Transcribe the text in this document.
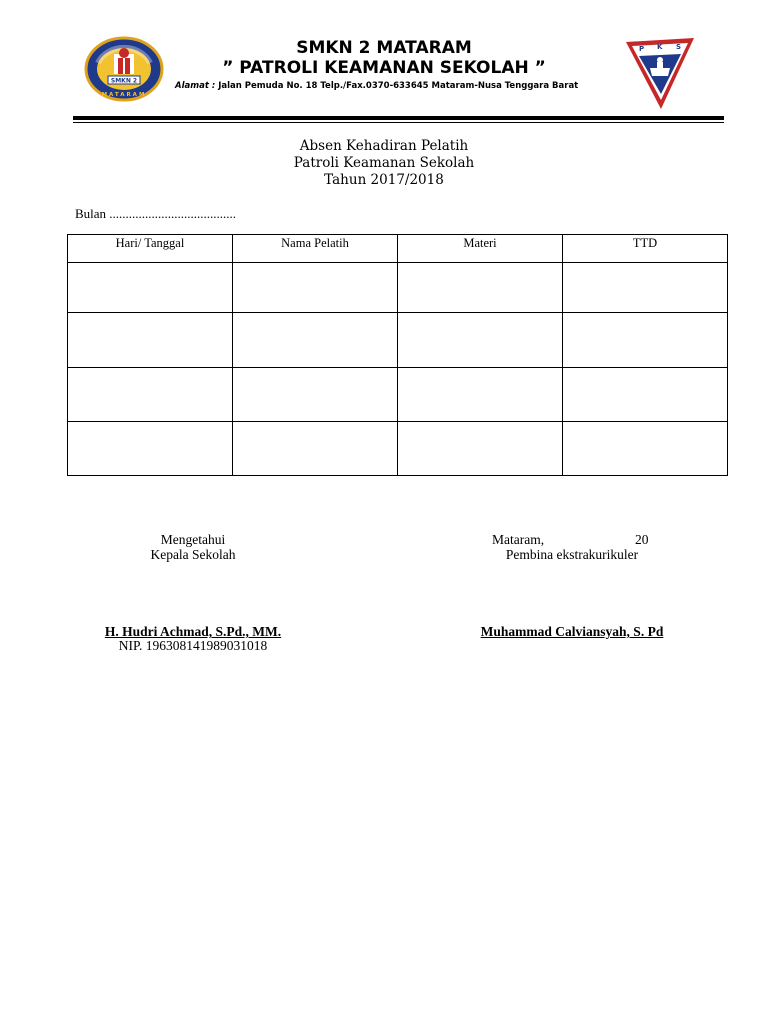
SMKN 2
MATARAM
P K S
SMKN 2 MATARAM
” PATROLI KEAMANAN SEKOLAH ”
Alamat : Jalan Pemuda No. 18 Telp./Fax.0370-633645 Mataram-Nusa Tenggara Barat
Absen Kehadiran Pelatih
Patroli Keamanan Sekolah
Tahun 2017/2018
Bulan .......................................
Hari/ Tanggal	Nama Pelatih	Materi	TTD

Mengetahui
Kepala Sekolah
H. Hudri Achmad, S.Pd., MM.
NIP. 196308141989031018
Mataram,	20
Pembina ekstrakurikuler
Muhammad Calviansyah, S. Pd
